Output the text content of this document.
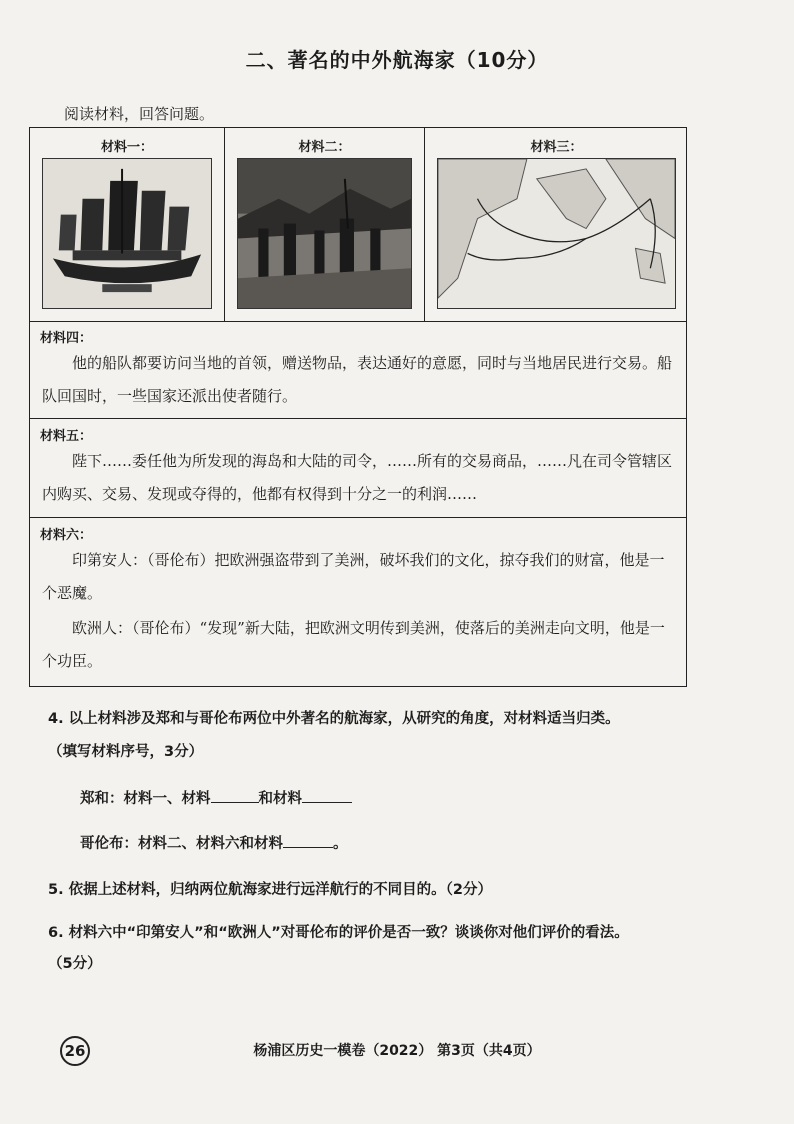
二、著名的中外航海家（10分）
阅读材料，回答问题。
材料一：	材料二：	材料三：
材料四：
他的船队都要访问当地的首领，赠送物品，表达通好的意愿，同时与当地居民进行交易。船队回国时，一些国家还派出使者随行。
材料五：
陛下……委任他为所发现的海岛和大陆的司令，……所有的交易商品，……凡在司令管辖区内购买、交易、发现或夺得的，他都有权得到十分之一的利润……
材料六：
印第安人：（哥伦布）把欧洲强盗带到了美洲，破坏我们的文化，掠夺我们的财富，他是一个恶魔。
欧洲人：（哥伦布）“发现”新大陆，把欧洲文明传到美洲，使落后的美洲走向文明，他是一个功臣。
4. 以上材料涉及郑和与哥伦布两位中外著名的航海家，从研究的角度，对材料适当归类。
（填写材料序号，3分）
郑和：材料一、材料	和材料
哥伦布：材料二、材料六和材料	。
5. 依据上述材料，归纳两位航海家进行远洋航行的不同目的。（2分）
6. 材料六中“印第安人”和“欧洲人”对哥伦布的评价是否一致？谈谈你对他们评价的看法。
（5分）
26	杨浦区历史一模卷（2022） 第3页（共4页）
